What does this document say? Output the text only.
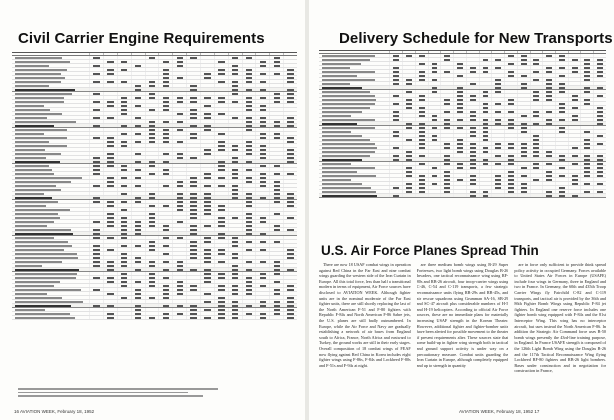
Civil Carrier Engine Requirements
16 AVIATION WEEK, February 18, 1952
Delivery Schedule for New Transports
U.S. Air Force Planes Spread Thin

There are now 18 USAF combat wings in operation against Red China in the Far East and nine combat wings guarding the western side of the Iron Curtain in Europe. All this total force, less than half a transitional modern in terms of equipment, Air Force sources have disclosed to AVIATION WEEK. Although fighter units are in the nominal moderate of the Far East fighter units, there are still shortly replacing the last of the North American F-51 and F-80 fighters with Republic F-84s and North American F-86 Sabre jets, the U.S. planes are still badly outnumbered. In Europe, while the Air Force and Navy are gradually establishing a network of air bases from England south to Africa, France, North Africa and eastward to Turkey, the ground works are still in their early stages. Overall composition of 18 combat wings of FEAF now flying against Red China in Korea includes eight fighter wings using F-86s, F-84s and Lockheed F-80s and F-51s and F-94s at night.

are three medium bomb wings using B-29 Super Fortresses, two light bomb wings using Douglas B-26 Invaders, one tactical reconnaissance wing using RF-80s and RB-26 aircraft, four troop-carrier wings using C-46, C-54 and C-119 transports, a few strategic reconnaissance units flying RB-29s and RB-45s, and air rescue squadrons using Grumman SA-16, SB-29 and SC-47 aircraft plus considerable numbers of H-5 and H-19 helicopters. According to official Air Force sources, these are no immediate plans for materially increasing USAF strength in the Korean Theater. However, additional fighter and fighter-bomber units have been alerted for possible movement to the theater if present requirements alter. These sources state that some build-up in fighter wing strength both in tactical and ground support activity is under way on a precautionary measure. Combat units guarding the Iron Curtain in Europe, although completely equipped and up to strength in quantity

are in force only sufficient to provide think spread policy activity in occupied Germany. Forces available to United States Air Forces in Europe (USAFE) include four wings in Germany, three in England and two in France. In Germany, the 60th and 435th Troop Carrier Wings fly Fairchild C-82 and C-119 transports, and tactical air is provided by the 36th and 86th Fighter Bomb Wings using Republic F-84 jet fighters. In England one reserve force includes one fighter bomb wing equipped with F-84s and the 81st Interceptor Wing. This wing has no interceptor aircraft, but uses instead the North American F-86. In addition the Strategic Air Command force uses B-50 bomb wings presently the 43rd-line training purpose, in England. In France USAFE strength is composed of the 126th Light Bomb Wing using the Douglas B-26 and the 117th Tactical Reconnaissance Wing flying Lockheed RF-80 fighters and RB-26 light bombers. Bases under construction and in negotiation for construction in France,

AVIATION WEEK, February 18, 1952 17
